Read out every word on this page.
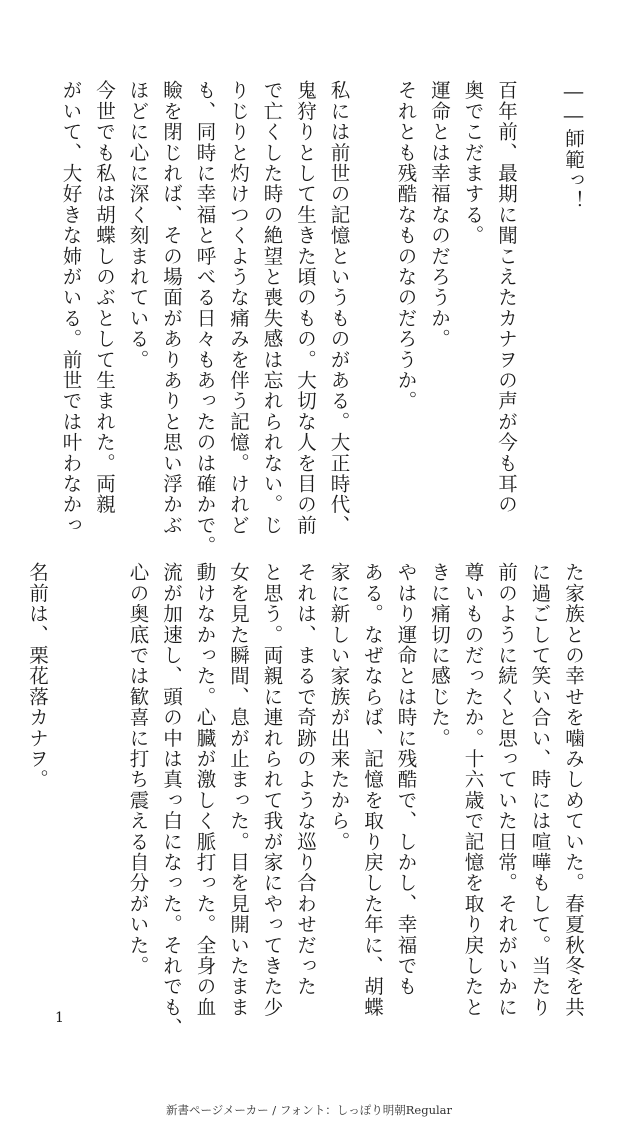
――師範っ！
百年前、最期に聞こえたカナヲの声が今も耳の
奥でこだまする。
運命とは幸福なのだろうか。
それとも残酷なものなのだろうか。
私には前世の記憶というものがある。大正時代、
鬼狩りとして生きた頃のもの。大切な人を目の前
で亡くした時の絶望と喪失感は忘れられない。じ
りじりと灼けつくような痛みを伴う記憶。けれど
も、同時に幸福と呼べる日々もあったのは確かで。
瞼を閉じれば、その場面がありありと思い浮かぶ
ほどに心に深く刻まれている。
今世でも私は胡蝶しのぶとして生まれた。両親
がいて、大好きな姉がいる。前世では叶わなかっ
た家族との幸せを噛みしめていた。春夏秋冬を共
に過ごして笑い合い、時には喧嘩もして。当たり
前のように続くと思っていた日常。それがいかに
尊いものだったか。十六歳で記憶を取り戻したと
きに痛切に感じた。
やはり運命とは時に残酷で、しかし、幸福でも
ある。なぜならば、記憶を取り戻した年に、胡蝶
家に新しい家族が出来たから。
それは、まるで奇跡のような巡り合わせだった
と思う。両親に連れられて我が家にやってきた少
女を見た瞬間、息が止まった。目を見開いたまま
動けなかった。心臓が激しく脈打った。全身の血
流が加速し、頭の中は真っ白になった。それでも、
心の奥底では歓喜に打ち震える自分がいた。
名前は、栗花落カナヲ。
1
新書ページメーカー / フォント：しっぽり明朝Regular
